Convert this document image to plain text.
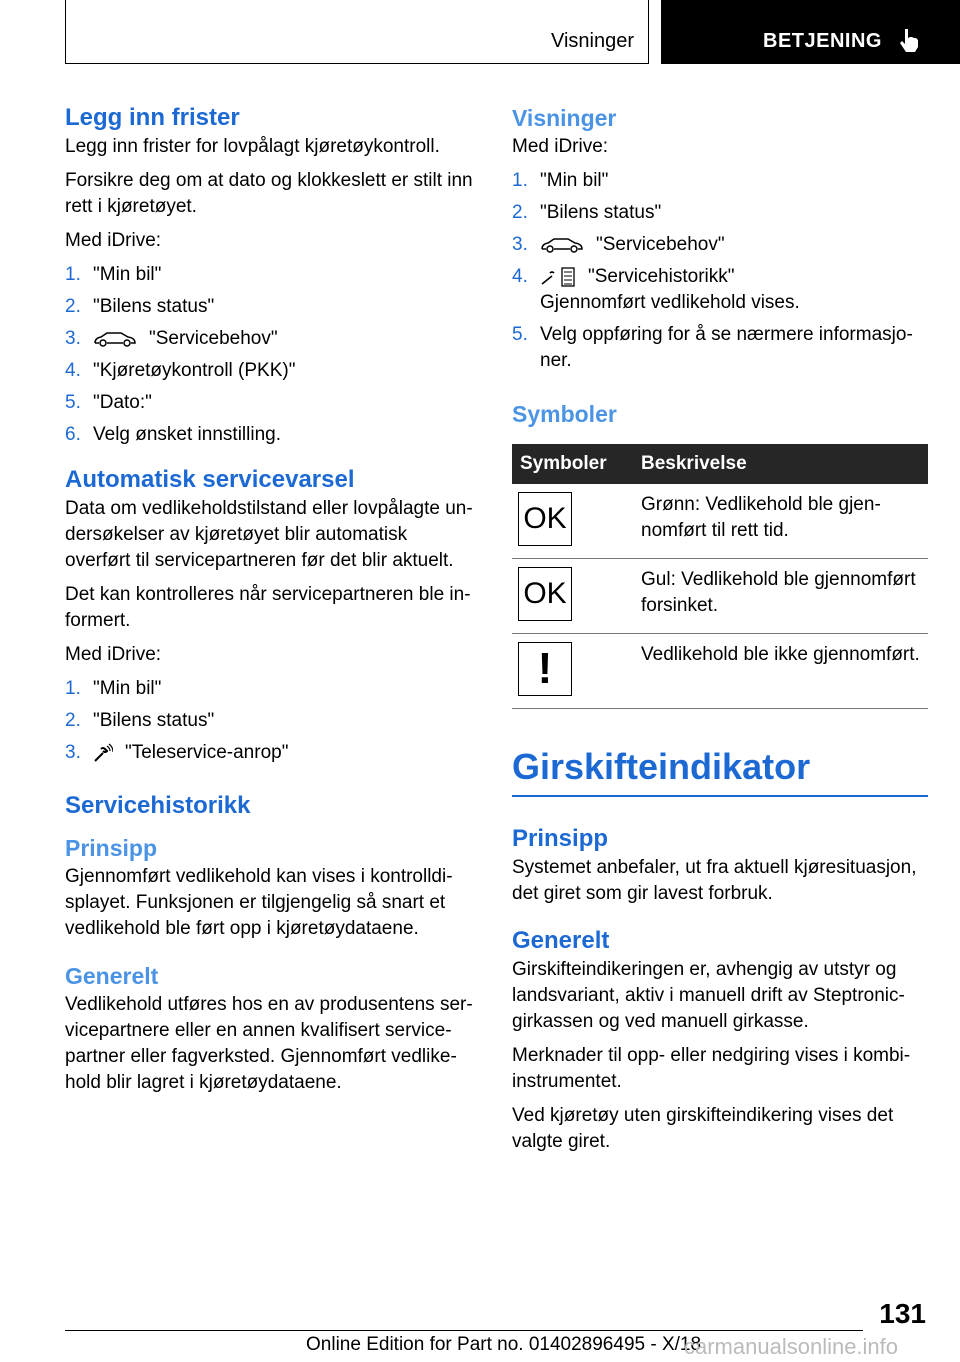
Visninger	BETJENING
Legg inn frister

Legg inn frister for lovpålagt kjøretøykontroll.

Forsikre deg om at dato og klokkeslett er stilt inn rett i kjøretøyet.

Med iDrive:

1. "Min bil"
2. "Bilens status"
3.	"Servicebehov"
4. "Kjøretøykontroll (PKK)"
5. "Dato:"
6. Velg ønsket innstilling.
Automatisk servicevarsel

Data om vedlikeholdstilstand eller lovpålagte undersøkelser av kjøretøyet blir automatisk overført til servicepartneren før det blir aktuelt.

Det kan kontrolleres når servicepartneren ble informert.

Med iDrive:

1. "Min bil"
2. "Bilens status"
3. "Teleservice-anrop"
Servicehistorikk
Prinsipp

Gjennomført vedlikehold kan vises i kontrolldisplayet. Funksjonen er tilgjengelig så snart et vedlikehold ble ført opp i kjøretøydataene.

Generelt

Vedlikehold utføres hos en av produsentens servicepartnere eller en annen kvalifisert servicepartner eller fagverksted. Gjennomført vedlikehold blir lagret i kjøretøydataene.

Visninger

Med iDrive:

1. "Min bil"
2. "Bilens status"
3.	"Servicebehov"
4.	"Servicehistorikk"
Gjennomført vedlikehold vises.
5. Velg oppføring for å se nærmere informasjoner.
Symboler
Symboler	Beskrivelse

OK	Grønn: Vedlikehold ble gjennomført til rett tid.

OK	Gul: Vedlikehold ble gjennomført forsinket.

!	Vedlikehold ble ikke gjennomført.
Girskifteindikator
Prinsipp

Systemet anbefaler, ut fra aktuell kjøresituasjon, det giret som gir lavest forbruk.

Generelt

Girskifteindikeringen er, avhengig av utstyr og landsvariant, aktiv i manuell drift av Steptronic-girkassen og ved manuell girkasse.

Merknader til opp- eller nedgiring vises i kombiinstrumentet.

Ved kjøretøy uten girskifteindikering vises det valgte giret.

131
Online Edition for Part no. 01402896495 - X/18
carmanualsonline.info
